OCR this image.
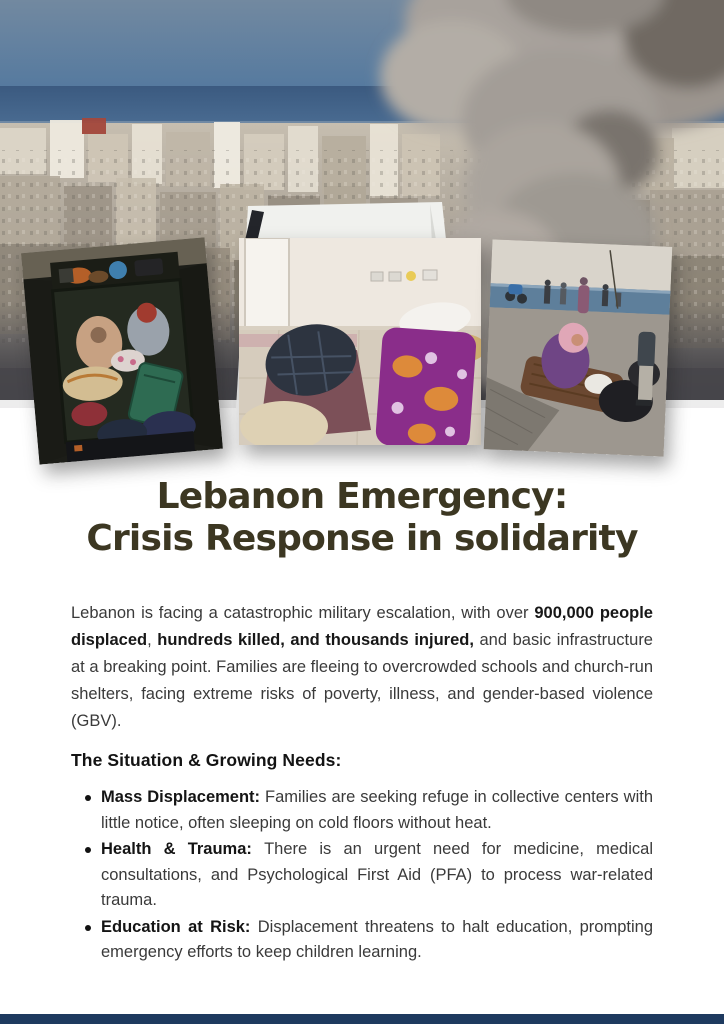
Lebanon Emergency:
Crisis Response in solidarity

Lebanon is facing a catastrophic military escalation, with over 900,000 people displaced, hundreds killed, and thousands injured, and basic infrastructure at a breaking point. Families are fleeing to overcrowded schools and church-run shelters, facing extreme risks of poverty, illness, and gender-based violence (GBV).

The Situation & Growing Needs:
Mass Displacement: Families are seeking refuge in collective centers with little notice, often sleeping on cold floors without heat.
Health & Trauma: There is an urgent need for medicine, medical consultations, and Psychological First Aid (PFA) to process war-related trauma.
Education at Risk: Displacement threatens to halt education, prompting emergency efforts to keep children learning.
